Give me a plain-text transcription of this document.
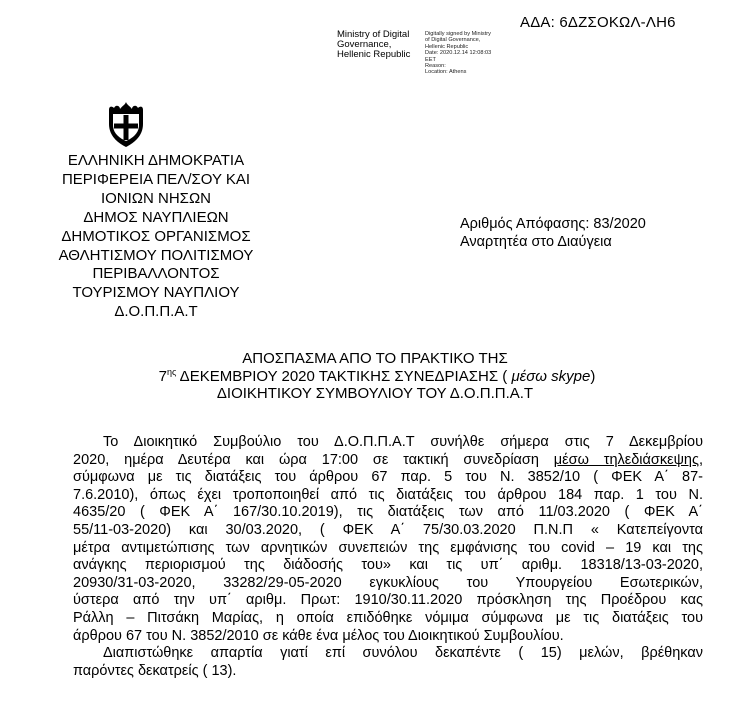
ΑΔΑ: 6ΔΖΣΟΚΩΛ-ΛΗ6
Ministry of Digital
Governance,
Hellenic Republic
Digitally signed by Ministry
of Digital Governance,
Hellenic Republic
Date: 2020.12.14 12:08:03
EET
Reason:
Location: Athens
ΕΛΛΗΝΙΚΗ ΔΗΜΟΚΡΑΤΙΑ
ΠΕΡΙΦΕΡΕΙΑ ΠΕΛ/ΣΟΥ ΚΑΙ
ΙΟΝΙΩΝ ΝΗΣΩΝ
ΔΗΜΟΣ ΝΑΥΠΛΙΕΩΝ
ΔΗΜΟΤΙΚΟΣ ΟΡΓΑΝΙΣΜΟΣ
ΑΘΛΗΤΙΣΜΟΥ ΠΟΛΙΤΙΣΜΟΥ
ΠΕΡΙΒΑΛΛΟΝΤΟΣ
ΤΟΥΡΙΣΜΟΥ ΝΑΥΠΛΙΟΥ
Δ.Ο.Π.Π.Α.Τ
Αριθμός Απόφασης: 83/2020
Αναρτητέα στο Διαύγεια
ΑΠΟΣΠΑΣΜΑ ΑΠΟ ΤΟ ΠΡΑΚΤΙΚΟ ΤΗΣ
$7^{\eta\varsigma}$ ΔΕΚΕΜΒΡΙΟΥ 2020 ΤΑΚΤΙΚΗΣ ΣΥΝΕΔΡΙΑΣΗΣ ( μέσω skype)
ΔΙΟΙΚΗΤΙΚΟΥ ΣΥΜΒΟΥΛΙΟΥ ΤΟΥ Δ.Ο.Π.Π.Α.Τ
Το Διοικητικό Συμβούλιο του Δ.Ο.Π.Π.Α.Τ συνήλθε σήμερα στις 7 Δεκεμβρίου
2020, ημέρα Δευτέρα και ώρα 17:00 σε τακτική συνεδρίαση μέσω τηλεδιάσκεψης,
σύμφωνα με τις διατάξεις του άρθρου 67 παρ. 5 του Ν. 3852/10 ( ΦΕΚ Α΄ 87-
7.6.2010), όπως έχει τροποποιηθεί από τις διατάξεις του άρθρου 184 παρ. 1 του Ν.
4635/20 ( ΦΕΚ Α΄ 167/30.10.2019), τις διατάξεις των από 11/03.2020 ( ΦΕΚ Α΄
55/11-03-2020) και 30/03.2020, ( ΦΕΚ Α΄ 75/30.03.2020 Π.Ν.Π « Κατεπείγοντα
μέτρα αντιμετώπισης των αρνητικών συνεπειών της εμφάνισης του covid – 19 και της
ανάγκης περιορισμού της διάδοσής του» και τις υπ΄ αριθμ. 18318/13-03-2020,
20930/31-03-2020, 33282/29-05-2020 εγκυκλίους του Υπουργείου Εσωτερικών,
ύστερα από την υπ΄ αριθμ. Πρωτ: 1910/30.11.2020 πρόσκληση της Προέδρου κας
Ράλλη – Πιτσάκη Μαρίας, η οποία επιδόθηκε νόμιμα σύμφωνα με τις διατάξεις του
άρθρου 67 του Ν. 3852/2010 σε κάθε ένα μέλος του Διοικητικού Συμβουλίου.
Διαπιστώθηκε απαρτία γιατί επί συνόλου δεκαπέντε ( 15) μελών, βρέθηκαν
παρόντες δεκατρείς ( 13).
